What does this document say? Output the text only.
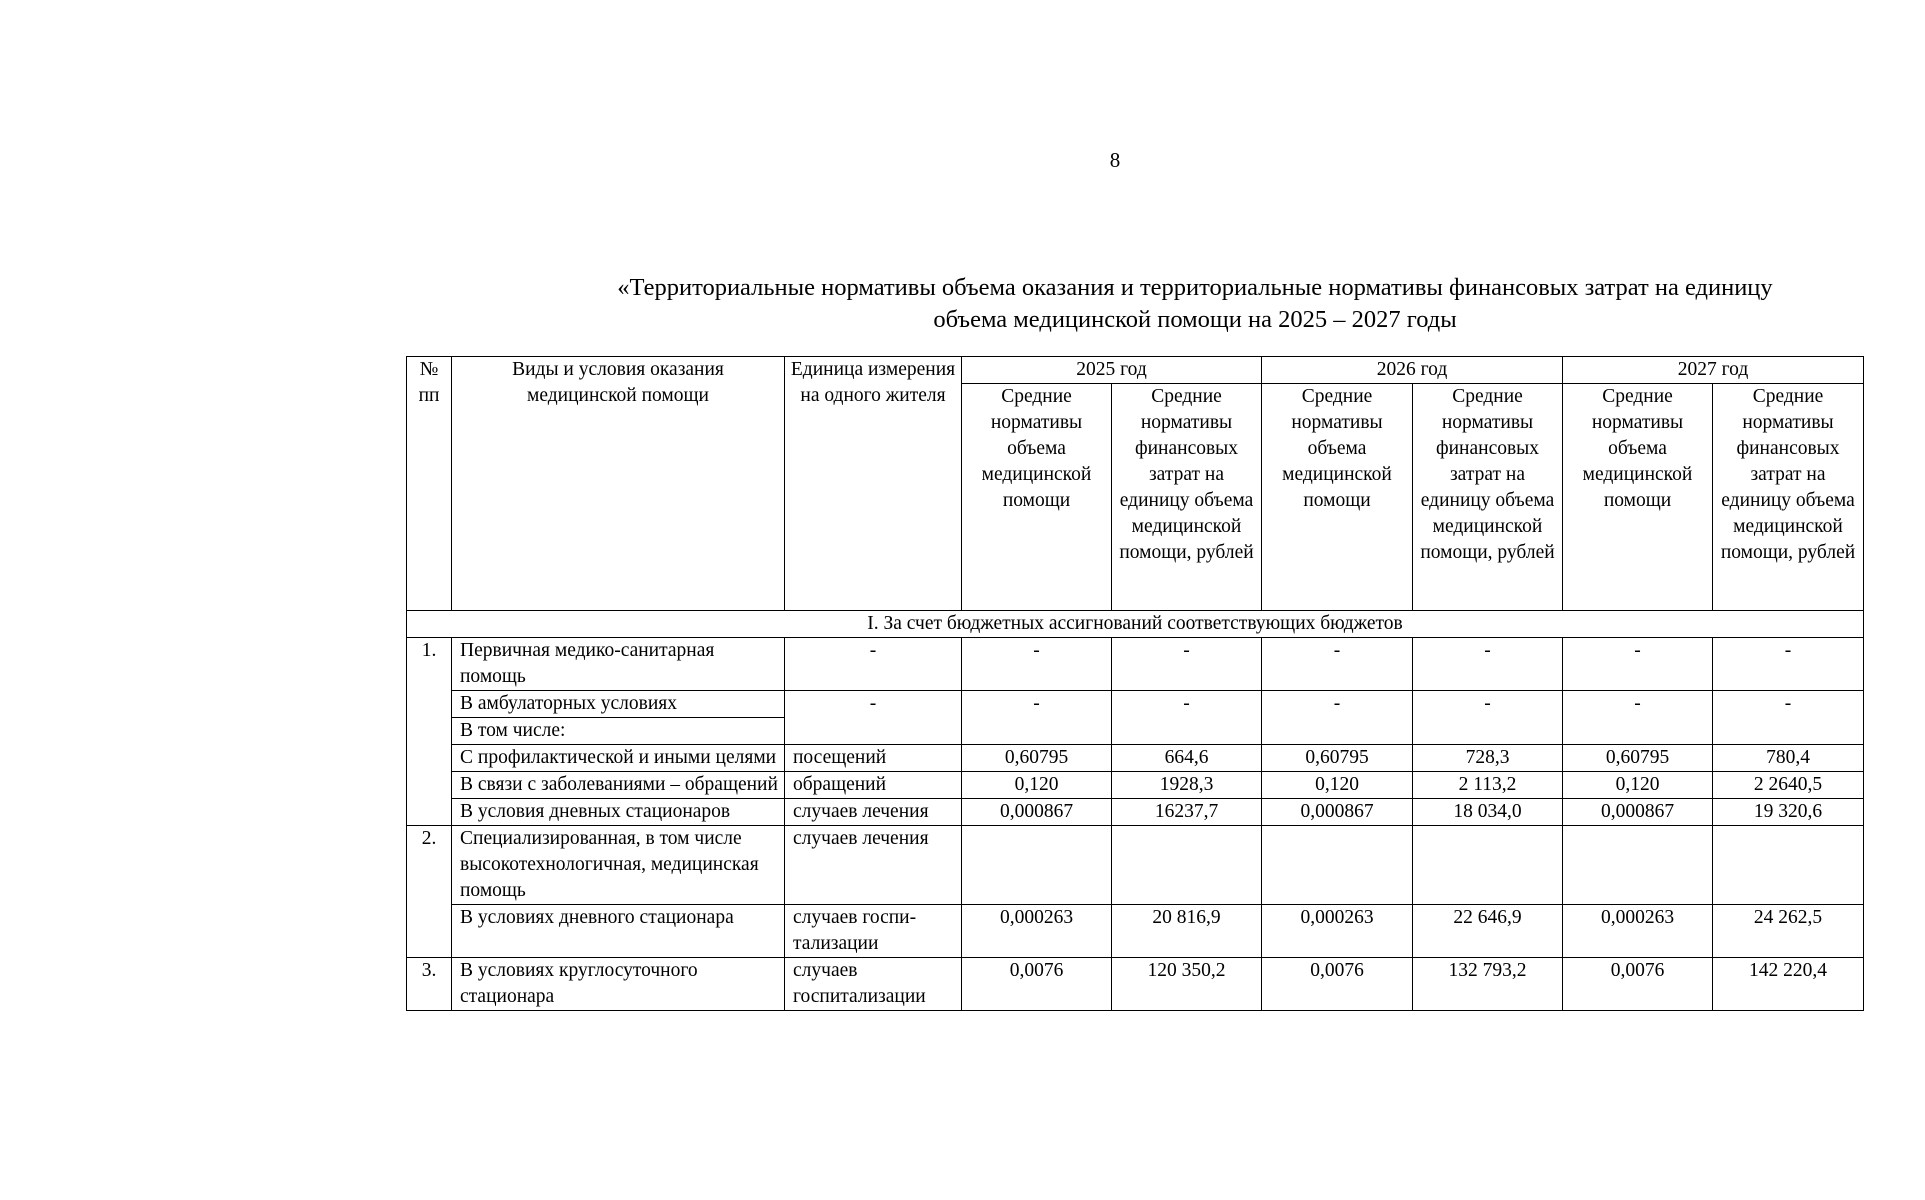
8
«Территориальные нормативы объема оказания и территориальные нормативы финансовых затрат на единицу
объема медицинской помощи на 2025 – 2027 годы
№ пп	Виды и условия оказания медицинской помощи	Единица измерения на одного жителя	2025 год		2026 год		2027 год	
			Средние нормативы объема медицинской помощи	Средние нормативы финансовых затрат на единицу объема медицинской помощи, рублей	Средние нормативы объема медицинской помощи	Средние нормативы финансовых затрат на единицу объема медицинской помощи, рублей	Средние нормативы объема медицинской помощи	Средние нормативы финансовых затрат на единицу объема медицинской помощи, рублей
I. За счет бюджетных ассигнований соответствующих бюджетов								
1.	Первичная медико-санитарная помощь	-	-	-	-	-	-	-
	В амбулаторных условиях	-	-	-	-	-	-	-
	В том числе:							
	С профилактической и иными целями	посещений	0,60795	664,6	0,60795	728,3	0,60795	780,4
	В связи с заболеваниями – обращений	обращений	0,120	1928,3	0,120	2 113,2	0,120	2 2640,5
	В условия дневных стационаров	случаев лечения	0,000867	16237,7	0,000867	18 034,0	0,000867	19 320,6
2.	Специализированная, в том числе высокотехнологичная, медицинская помощь	случаев лечения						
	В условиях дневного стационара	случаев госпи-тализации	0,000263	20 816,9	0,000263	22 646,9	0,000263	24 262,5
3.	В условиях круглосуточного стационара	случаев госпитализации	0,0076	120 350,2	0,0076	132 793,2	0,0076	142 220,4
